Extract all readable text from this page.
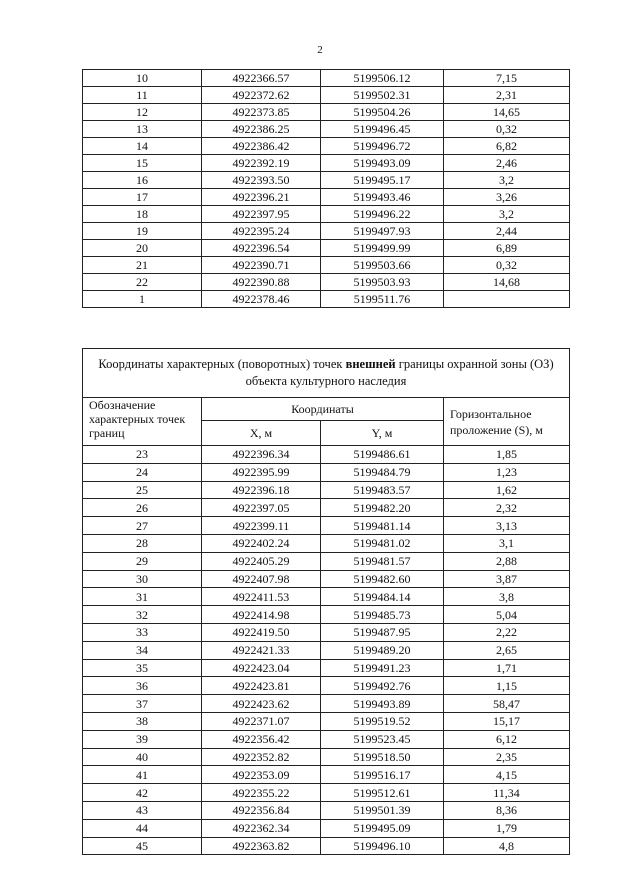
2
10	4922366.57	5199506.12	7,15
11	4922372.62	5199502.31	2,31
12	4922373.85	5199504.26	14,65
13	4922386.25	5199496.45	0,32
14	4922386.42	5199496.72	6,82
15	4922392.19	5199493.09	2,46
16	4922393.50	5199495.17	3,2
17	4922396.21	5199493.46	3,26
18	4922397.95	5199496.22	3,2
19	4922395.24	5199497.93	2,44
20	4922396.54	5199499.99	6,89
21	4922390.71	5199503.66	0,32
22	4922390.88	5199503.93	14,68
1	4922378.46	5199511.76	
Координаты характерных (поворотных) точек внешней границы охранной зоны (ОЗ) объекта культурного наследия			
Обозначение характерных точек границ	Координаты		Горизонтальное проложение (S), м
	X, м	Y, м	
23	4922396.34	5199486.61	1,85
24	4922395.99	5199484.79	1,23
25	4922396.18	5199483.57	1,62
26	4922397.05	5199482.20	2,32
27	4922399.11	5199481.14	3,13
28	4922402.24	5199481.02	3,1
29	4922405.29	5199481.57	2,88
30	4922407.98	5199482.60	3,87
31	4922411.53	5199484.14	3,8
32	4922414.98	5199485.73	5,04
33	4922419.50	5199487.95	2,22
34	4922421.33	5199489.20	2,65
35	4922423.04	5199491.23	1,71
36	4922423.81	5199492.76	1,15
37	4922423.62	5199493.89	58,47
38	4922371.07	5199519.52	15,17
39	4922356.42	5199523.45	6,12
40	4922352.82	5199518.50	2,35
41	4922353.09	5199516.17	4,15
42	4922355.22	5199512.61	11,34
43	4922356.84	5199501.39	8,36
44	4922362.34	5199495.09	1,79
45	4922363.82	5199496.10	4,8
